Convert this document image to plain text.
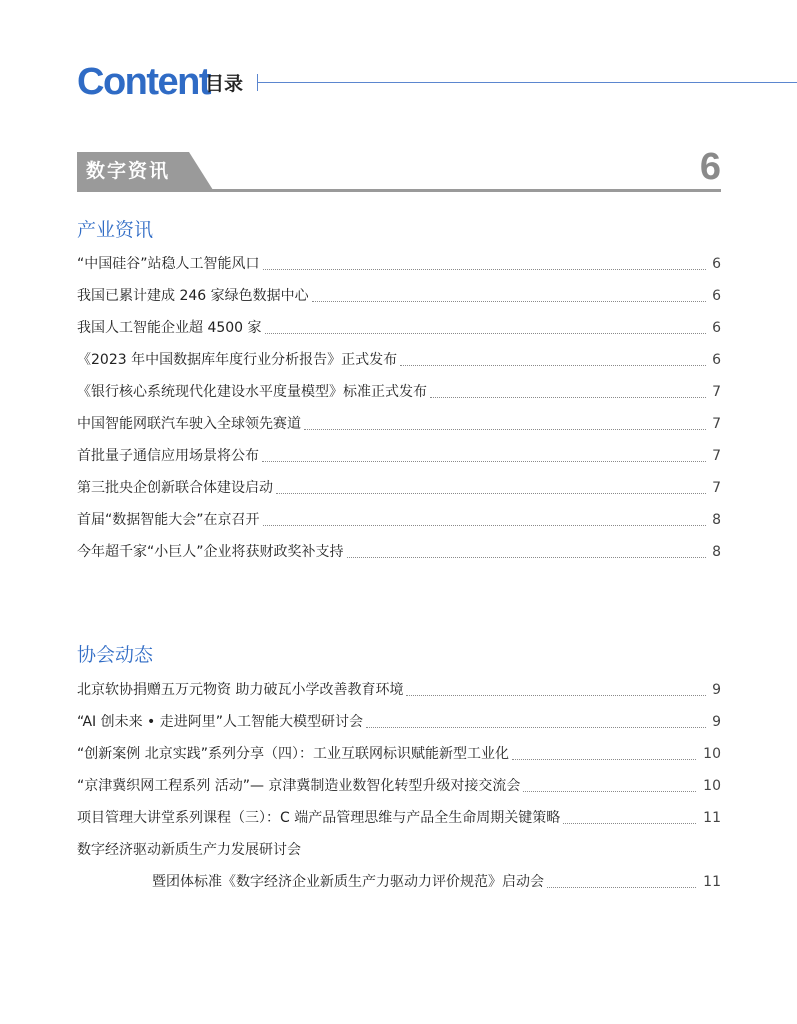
Content
目录
数字资讯	6
产业资讯
“中国硅谷”站稳人工智能风口	6
我国已累计建成 246 家绿色数据中心	6
我国人工智能企业超 4500 家	6
《2023 年中国数据库年度行业分析报告》正式发布	6
《银行核心系统现代化建设水平度量模型》标准正式发布	7
中国智能网联汽车驶入全球领先赛道	7
首批量子通信应用场景将公布	7
第三批央企创新联合体建设启动	7
首届“数据智能大会”在京召开	8
今年超千家“小巨人”企业将获财政奖补支持	8
协会动态
北京软协捐赠五万元物资 助力破瓦小学改善教育环境	9
“AI 创未来 • 走进阿里”人工智能大模型研讨会	9
“创新案例 北京实践”系列分享（四）：工业互联网标识赋能新型工业化	10
“京津冀织网工程系列 活动”— 京津冀制造业数智化转型升级对接交流会	10
项目管理大讲堂系列课程（三）：C 端产品管理思维与产品全生命周期关键策略	11
数字经济驱动新质生产力发展研讨会
暨团体标准《数字经济企业新质生产力驱动力评价规范》启动会	11
